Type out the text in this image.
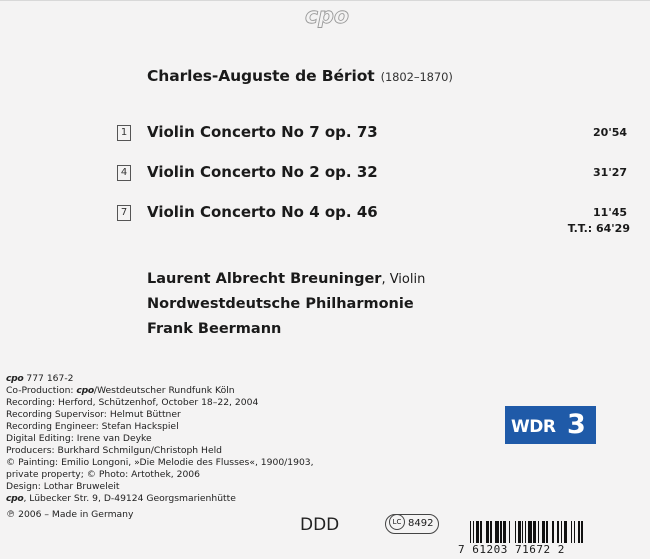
cpo
Charles-Auguste de Bériot (1802–1870)
1 Violin Concerto No 7 op. 73	20'54
4 Violin Concerto No 2 op. 32	31'27
7 Violin Concerto No 4 op. 46	11'45
T.T.: 64'29
Laurent Albrecht Breuninger, Violin
Nordwestdeutsche Philharmonie
Frank Beermann
cpo 777 167-2
Co-Production: cpo/Westdeutscher Rundfunk Köln
Recording: Herford, Schützenhof, October 18–22, 2004
Recording Supervisor: Helmut Büttner
Recording Engineer: Stefan Hackspiel
Digital Editing: Irene van Deyke
Producers: Burkhard Schmilgun/Christoph Held
© Painting: Emilio Longoni, »Die Melodie des Flusses«, 1900/1903,
private property; © Photo: Artothek, 2006
Design: Lothar Bruweleit
cpo, Lübecker Str. 9, D-49124 Georgsmarienhütte
℗ 2006 – Made in Germany
WDR 3
DDD	LC 8492
7 61203 71672 2
